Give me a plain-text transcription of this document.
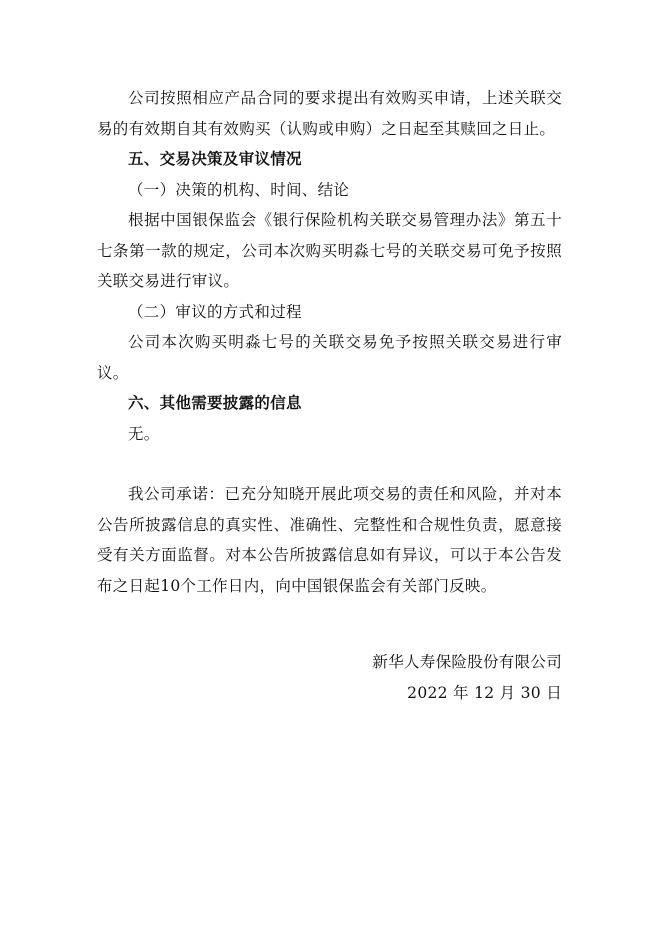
公司按照相应产品合同的要求提出有效购买申请，上述关联交易的有效期自其有效购买（认购或申购）之日起至其赎回之日止。

五、交易决策及审议情况

（一）决策的机构、时间、结论

根据中国银保监会《银行保险机构关联交易管理办法》第五十七条第一款的规定，公司本次购买明淼七号的关联交易可免予按照关联交易进行审议。

（二）审议的方式和过程

公司本次购买明淼七号的关联交易免予按照关联交易进行审议。

六、其他需要披露的信息

无。

我公司承诺：已充分知晓开展此项交易的责任和风险，并对本公告所披露信息的真实性、准确性、完整性和合规性负责，愿意接受有关方面监督。对本公告所披露信息如有异议，可以于本公告发布之日起10个工作日内，向中国银保监会有关部门反映。

新华人寿保险股份有限公司

2022 年 12 月 30 日
